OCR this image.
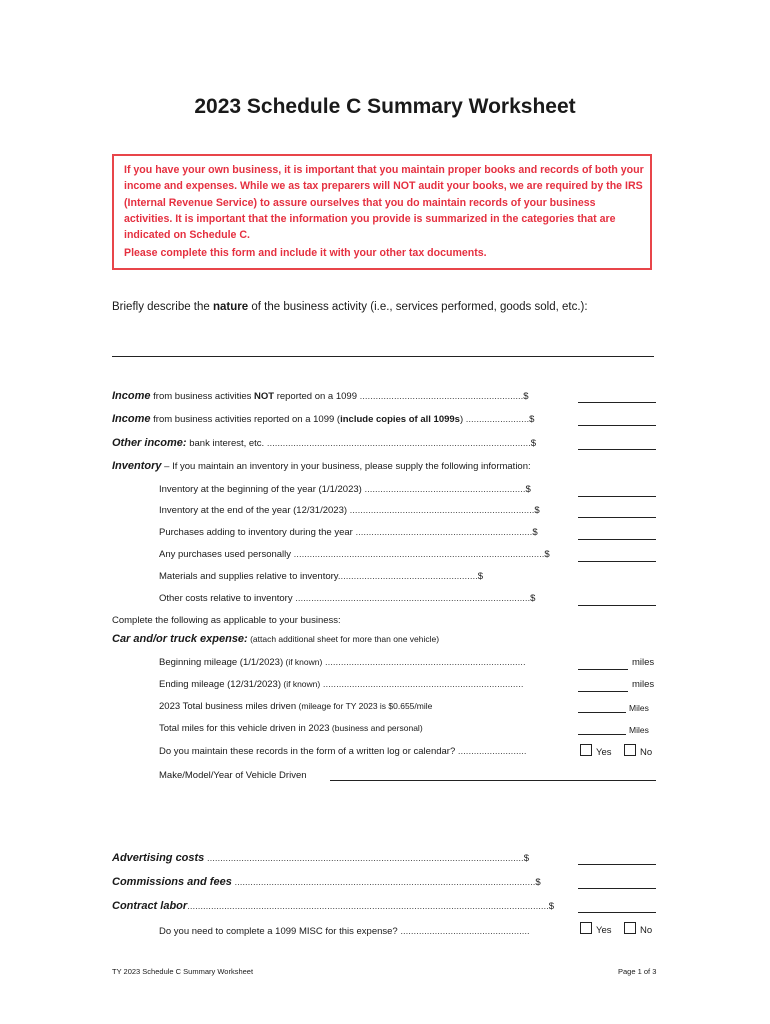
2023 Schedule C Summary Worksheet

If you have your own business, it is important that you maintain proper books and records of both your income and expenses. While we as tax preparers will NOT audit your books, we are required by the IRS (Internal Revenue Service) to assure ourselves that you do maintain records of your business activities. It is important that the information you provide is summarized in the categories that are indicated on Schedule C.

Please complete this form and include it with your other tax documents.

Briefly describe the nature of the business activity (i.e., services performed, goods sold, etc.):
Income from business activities NOT reported on a 1099 ..............................................................$
Income from business activities reported on a 1099 (include copies of all 1099s) ........................$
Other income: bank interest, etc. ....................................................................................................$
Inventory – If you maintain an inventory in your business, please supply the following information:
Inventory at the beginning of the year (1/1/2023) .............................................................$
Inventory at the end of the year (12/31/2023) ......................................................................$
Purchases adding to inventory during the year ...................................................................$
Any purchases used personally ...............................................................................................$
Materials and supplies relative to inventory.....................................................$
Other costs relative to inventory .........................................................................................$
Complete the following as applicable to your business:
Car and/or truck expense: (attach additional sheet for more than one vehicle)
Beginning mileage (1/1/2023) (if known) ............................................................................	miles
Ending mileage (12/31/2023) (if known) ............................................................................	miles
2023 Total business miles driven (mileage for TY 2023 is $0.655/mile	Miles
Total miles for this vehicle driven in 2023 (business and personal)	Miles
Do you maintain these records in the form of a written log or calendar? ..........................	Yes	No
Make/Model/Year of Vehicle Driven
Advertising costs ........................................................................................................................$
Commissions and fees ..................................................................................................................$
Contract labor.........................................................................................................................................$
Do you need to complete a 1099 MISC for this expense? .................................................	Yes	No
TY 2023 Schedule C Summary Worksheet	Page 1 of 3
